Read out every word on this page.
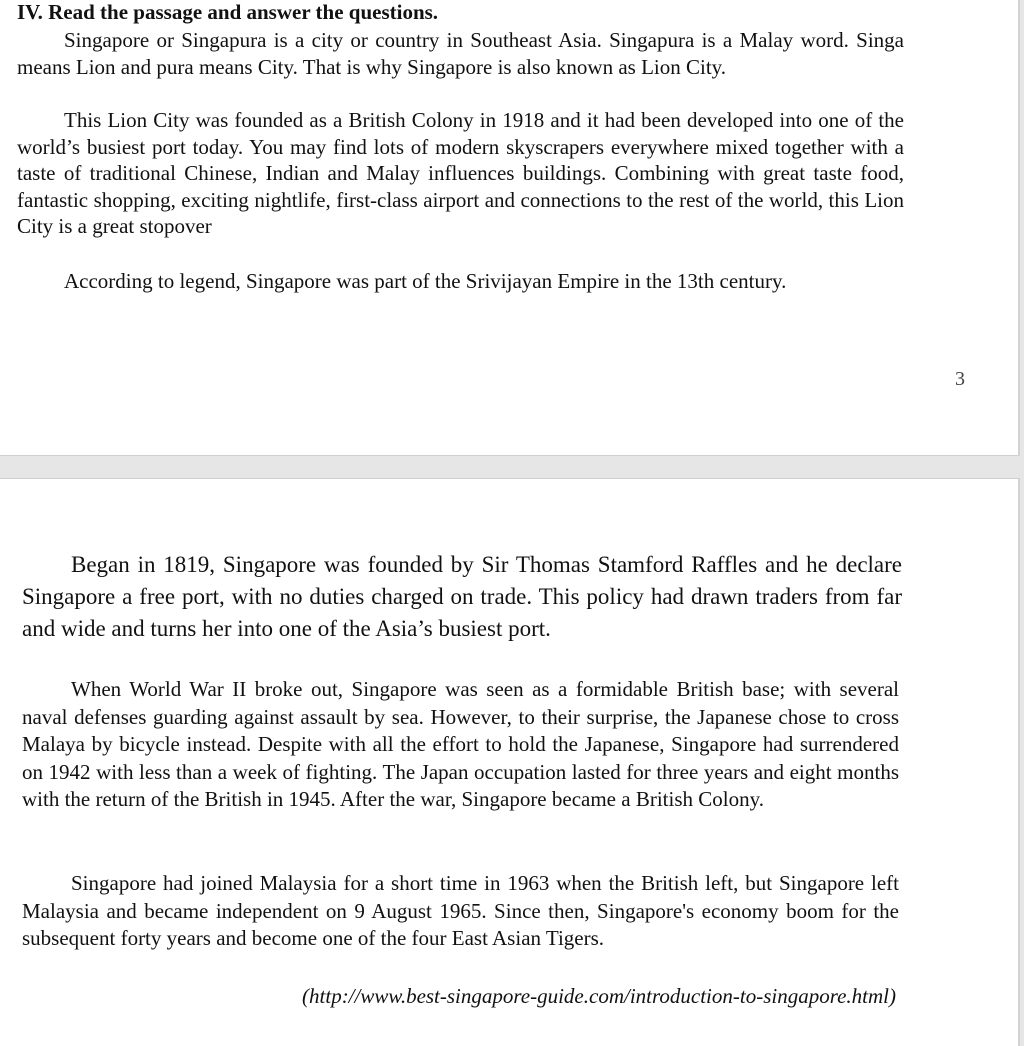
IV. Read the passage and answer the questions.

Singapore or Singapura is a city or country in Southeast Asia. Singapura is a Malay word. Singa means Lion and pura means City. That is why Singapore is also known as Lion City.

This Lion City was founded as a British Colony in 1918 and it had been developed into one of the world’s busiest port today. You may find lots of modern skyscrapers everywhere mixed together with a taste of traditional Chinese, Indian and Malay influences buildings. Combining with great taste food, fantastic shopping, exciting nightlife, first-class airport and connections to the rest of the world, this Lion City is a great stopover

According to legend, Singapore was part of the Srivijayan Empire in the 13th century.

3

Began in 1819, Singapore was founded by Sir Thomas Stamford Raffles and he declare Singapore a free port, with no duties charged on trade. This policy had drawn traders from far and wide and turns her into one of the Asia’s busiest port.

When World War II broke out, Singapore was seen as a formidable British base; with several naval defenses guarding against assault by sea. However, to their surprise, the Japanese chose to cross Malaya by bicycle instead. Despite with all the effort to hold the Japanese, Singapore had surrendered on 1942 with less than a week of fighting. The Japan occupation lasted for three years and eight months with the return of the British in 1945. After the war, Singapore became a British Colony.

Singapore had joined Malaysia for a short time in 1963 when the British left, but Singapore left Malaysia and became independent on 9 August 1965. Since then, Singapore's economy boom for the subsequent forty years and become one of the four East Asian Tigers.

(http://www.best-singapore-guide.com/introduction-to-singapore.html)
